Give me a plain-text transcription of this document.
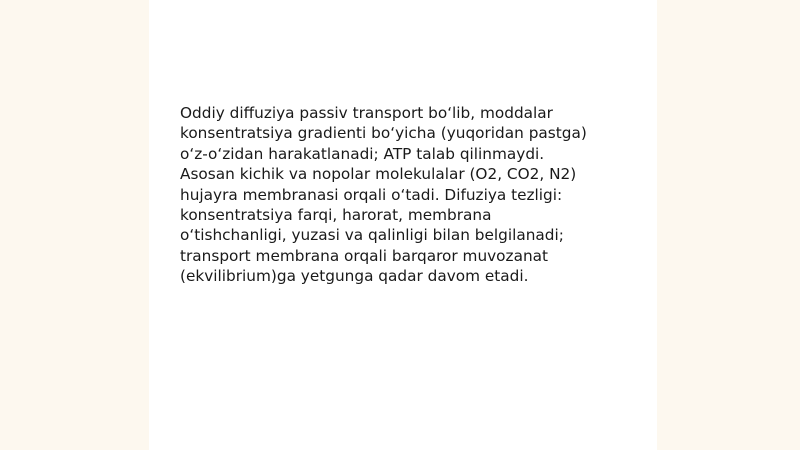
Oddiy diffuziya passiv transport bo‘lib, moddalar
konsentratsiya gradienti bo‘yicha (yuqoridan pastga)
o‘z-o‘zidan harakatlanadi; ATP talab qilinmaydi.
Asosan kichik va nopolar molekulalar (O2, CO2, N2)
hujayra membranasi orqali o‘tadi. Difuziya tezligi:
konsentratsiya farqi, harorat, membrana
o‘tishchanligi, yuzasi va qalinligi bilan belgilanadi;
transport membrana orqali barqaror muvozanat
(ekvilibrium)ga yetgunga qadar davom etadi.
